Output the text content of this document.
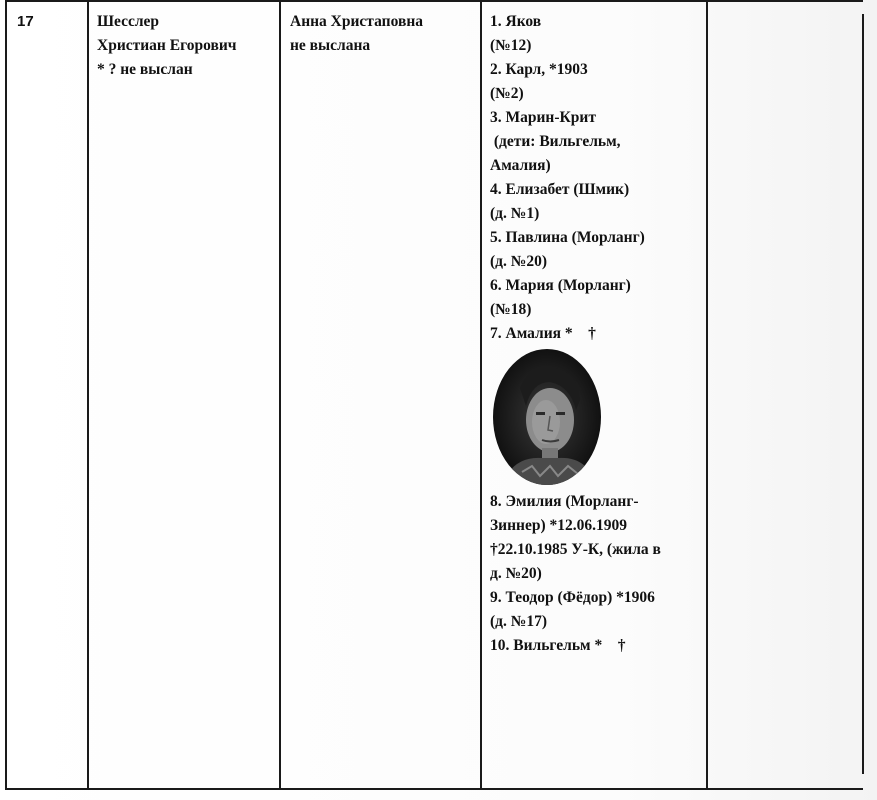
17	Шесслер
Христиан Егорович
* ? не выслан
Анна Христаповна
не выслана
1. Яков
(№12)
2. Карл, *1903
(№2)
3. Марин-Крит
(дети: Вильгельм,
Амалия)
4. Елизабет (Шмик)
(д. №1)
5. Павлина (Морланг)
(д. №20)
6. Мария (Морланг)
(№18)
7. Амалия *    †
8. Эмилия (Морланг-
Зиннер) *12.06.1909
†22.10.1985 У-К, (жила в
д. №20)
9. Теодор (Фёдор) *1906
(д. №17)
10. Вильгельм *    †
